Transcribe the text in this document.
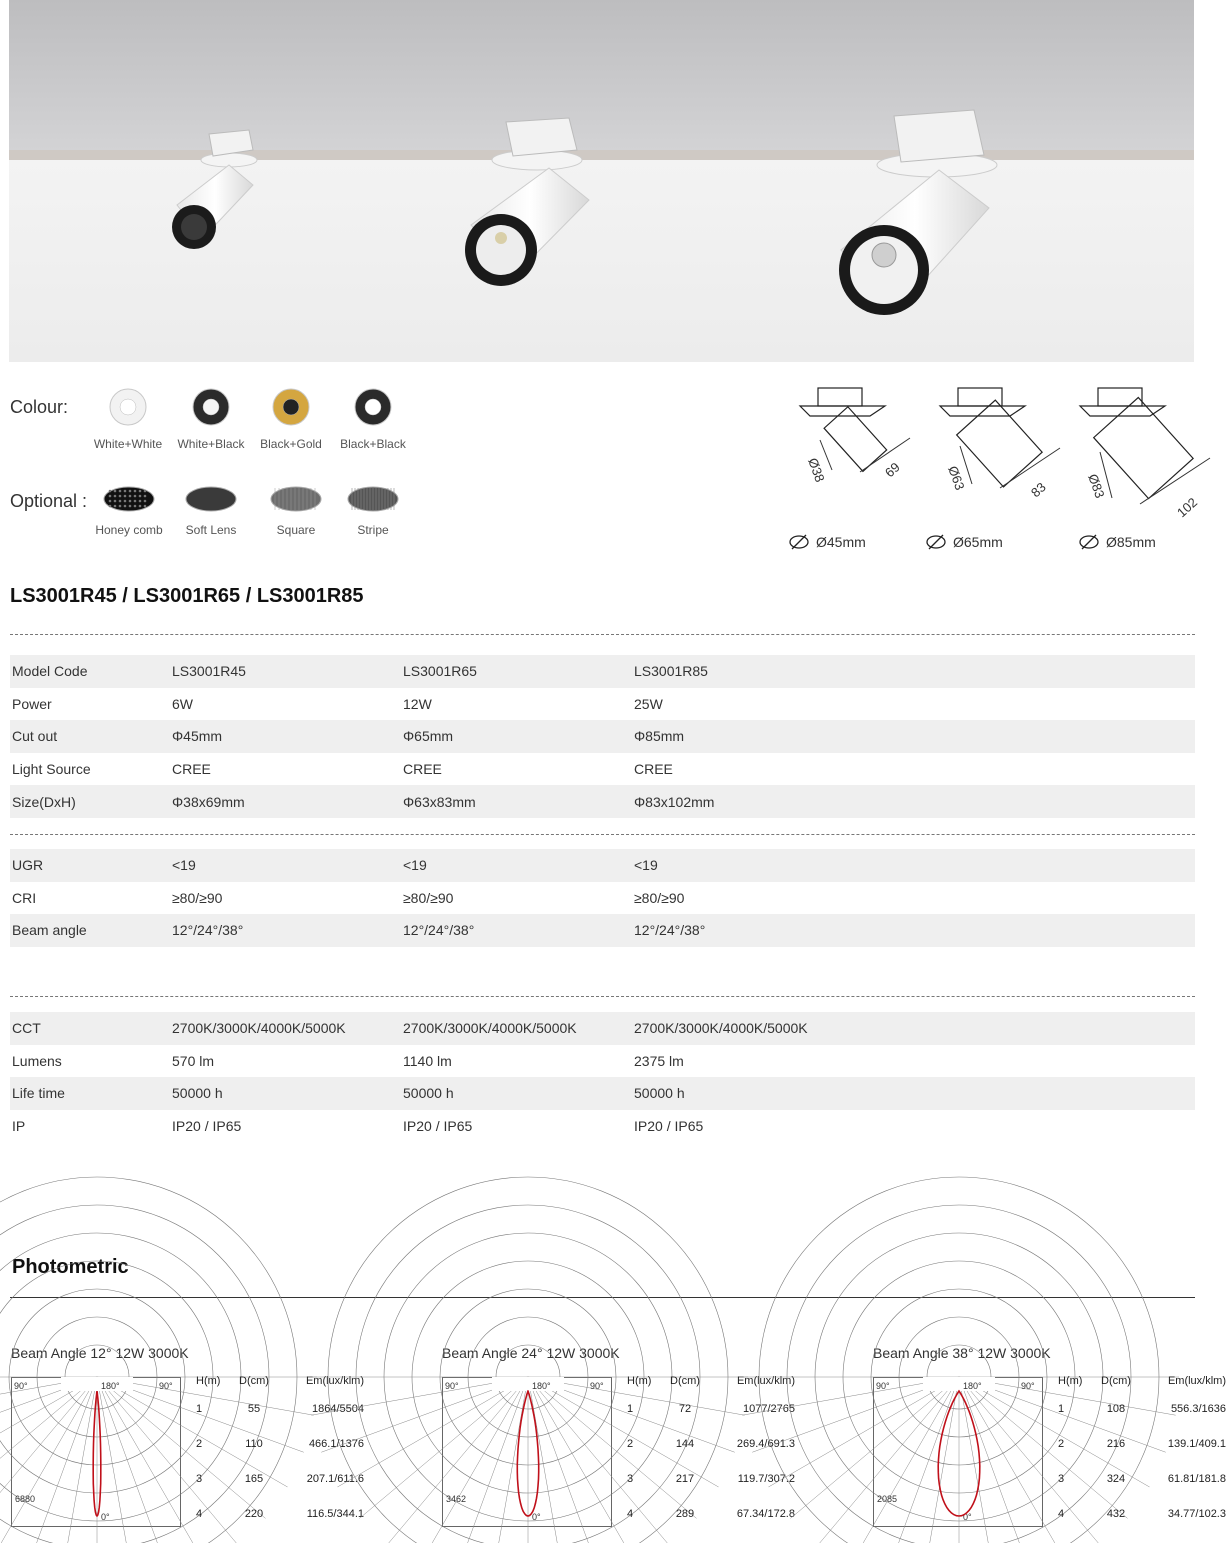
Colour:
White+White	White+Black	Black+Gold	Black+Black
Optional :
Honey comb	Soft Lens	Square	Stripe
Ø38	69	Ø63	83	Ø83
102
Ø45mm	Ø65mm	Ø85mm
LS3001R45 / LS3001R65 / LS3001R85
Model Code	LS3001R45	LS3001R65	LS3001R85
Power	6W	12W	25W
Cut out	Φ45mm	Φ65mm	Φ85mm
Light Source	CREE	CREE	CREE
Size(DxH)	Φ38x69mm	Φ63x83mm	Φ83x102mm
UGR	<19	<19	<19
CRI	≥80/≥90	≥80/≥90	≥80/≥90
Beam angle	12°/24°/38°	12°/24°/38°	12°/24°/38°
CCT	2700K/3000K/4000K/5000K	2700K/3000K/4000K/5000K	2700K/3000K/4000K/5000K
Lumens	570 lm	1140 lm	2375 lm
Life time	50000 h	50000 h	50000 h
IP	IP20 / IP65	IP20 / IP65	IP20 / IP65
Photometric
Beam Angle 12° 12W 3000K
90°	180°	90°
0°
6880
H(m)	D(cm)	Em(lux/klm)
1	55	1864/5504
2	110	466.1/1376
3	165	207.1/611.6
4	220	116.5/344.1
Beam Angle 24° 12W 3000K
90°	180°	90°
0°
3462
H(m)	D(cm)	Em(lux/klm)
1	72	1077/2765
2	144	269.4/691.3
3	217	119.7/307.2
4	289	67.34/172.8
Beam Angle 38° 12W 3000K
90°	180°	90°
0°
2085
H(m)	D(cm)	Em(lux/klm)
1	108	556.3/1636
2	216	139.1/409.1
3	324	61.81/181.8
4	432	34.77/102.3
